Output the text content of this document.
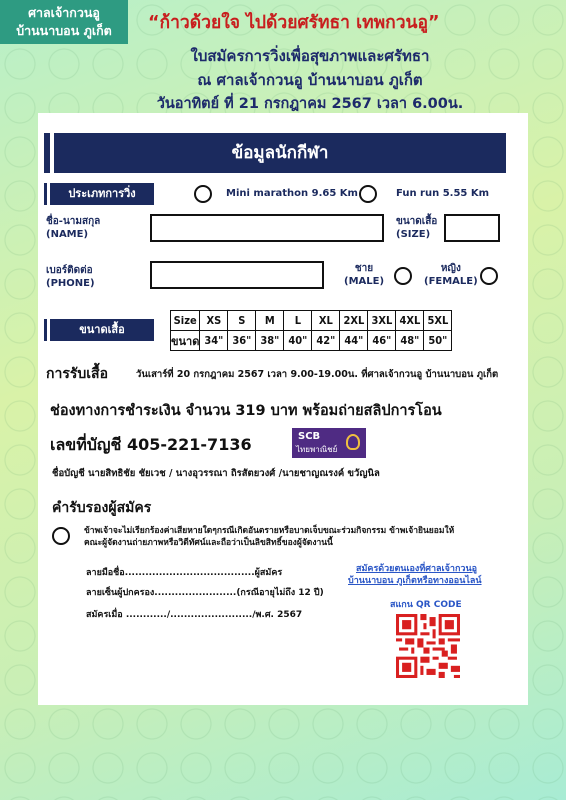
ศาลเจ้ากวนอู
บ้านนาบอน ภูเก็ต	“ก้าวด้วยใจ ไปด้วยศรัทธา เทพกวนอู”
ใบสมัครการวิ่งเพื่อสุขภาพและศรัทธา
ณ ศาลเจ้ากวนอู บ้านนาบอน ภูเก็ต
วันอาทิตย์ ที่ 21 กรกฎาคม 2567 เวลา 6.00น.
ข้อมูลนักกีฬา
ประเภทการวิ่ง	Mini marathon 9.65 Km	Fun run 5.55 Km
ชื่อ-นามสกุล
(NAME)
ขนาดเสื้อ
(SIZE)
เบอร์ติดต่อ
(PHONE)
ชาย
(MALE)
หญิง
(FEMALE)
ขนาดเสื้อ
Size	XS	S	M	L	XL	2XL	3XL	4XL	5XL
ขนาด	34"	36"	38"	40"	42"	44"	46"	48"	50"
การรับเสื้อ	วันเสาร์ที่ 20 กรกฎาคม 2567 เวลา 9.00-19.00น. ที่ศาลเจ้ากวนอู บ้านนาบอน ภูเก็ต
ช่องทางการชำระเงิน จำนวน 319 บาท พร้อมถ่ายสลิปการโอน
เลขที่บัญชี 405-221-7136	SCB
ไทยพาณิชย์
ชื่อบัญชี นายสิทธิชัย ชัยเวช / นางอุวรรณา ถิรสัตยวงศ์ /นายชาญณรงค์ ขวัญนิล
คำรับรองผู้สมัคร
ข้าพเจ้าจะไม่เรียกร้องค่าเสียหายใดๆกรณีเกิดอันตรายหรือบาดเจ็บขณะร่วมกิจกรรม ข้าพเจ้ายินยอมให้
คณะผู้จัดงานถ่ายภาพหรือวิดีทัศน์และถือว่าเป็นลิขสิทธิ์ของผู้จัดงานนี้
ลายมือชื่อ......................................ผู้สมัคร
ลายเซ็นผู้ปกครอง........................(กรณีอายุไม่ถึง 12 ปี)
สมัครเมื่อ ............/......................../พ.ศ. 2567
สมัครด้วยตนเองที่ศาลเจ้ากวนอู
บ้านนาบอน ภูเก็ตหรือทางออนไลน์
สแกน QR CODE
